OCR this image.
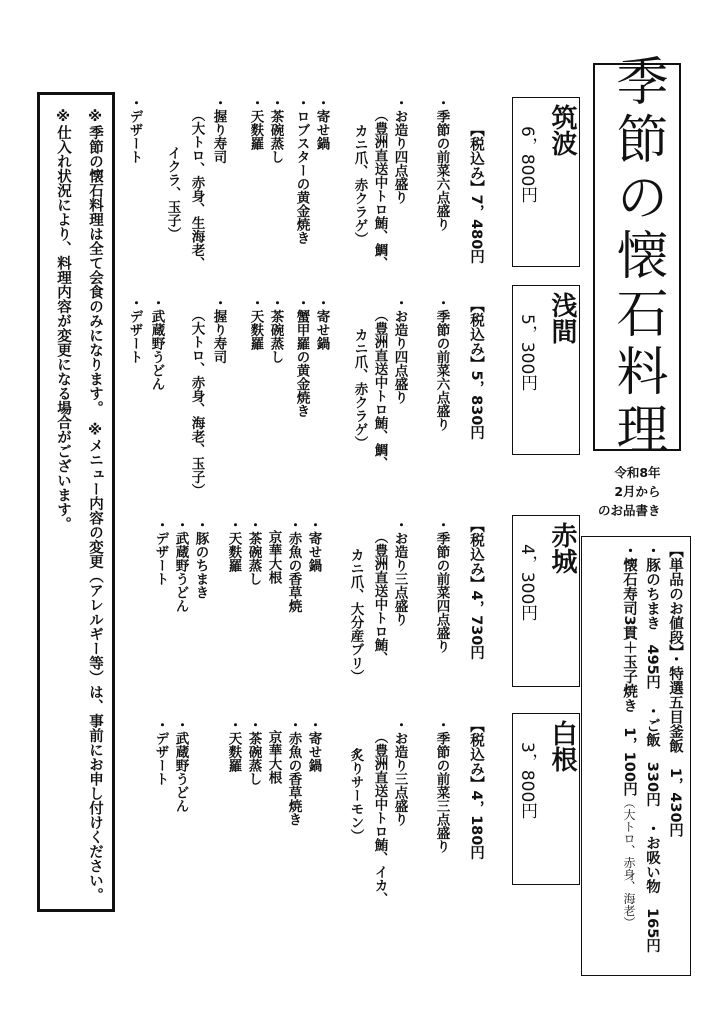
季節の懐石料理
令和8年
2月から
のお品書き
【単品のお値段】・特選五目釜飯　1，430円
・豚のちまき　495円　・ご飯　330円　・お吸い物　165円
・懐石寿司3貫＋玉子焼き　1，100円（大トロ、赤身、海老）
筑波
6，800円
【税込み】7，480円
・季節の前菜六点盛り
・お造り四点盛り
（豊洲直送中トロ鮪、鯛、
カニ爪、赤クラゲ）
・寄せ鍋
・ロブスターの黄金焼き
・茶碗蒸し
・天麩羅
・握り寿司
（大トロ、赤身、生海老、
イクラ、玉子）
・デザート
浅間
5，300円
【税込み】5，830円
・季節の前菜六点盛り
・お造り四点盛り
（豊洲直送中トロ鮪、鯛、
カニ爪、赤クラゲ）
・寄せ鍋
・蟹甲羅の黄金焼き
・茶碗蒸し
・天麩羅
・握り寿司
（大トロ、赤身、海老、玉子）
・武蔵野うどん
・デザート
赤城
4，300円
【税込み】4，730円
・季節の前菜四点盛り
・お造り三点盛り
（豊洲直送中トロ鮪、
カニ爪、大分産ブリ）
・寄せ鍋
・赤魚の香草焼
京華大根
・茶碗蒸し
・天麩羅
・豚のちまき
・武蔵野うどん
・デザート
白根
3，800円
【税込み】4，180円
・季節の前菜三点盛り
・お造り三点盛り
（豊洲直送中トロ鮪、イカ、
炙りサーモン）
・寄せ鍋
・赤魚の香草焼き
京華大根
・茶碗蒸し
・天麩羅
・武蔵野うどん
・デザート
※季節の懐石料理は全て会食のみになります。　※メニュー内容の変更（アレルギー等）は、事前にお申し付けください。
※仕入れ状況により、料理内容が変更になる場合がございます。
